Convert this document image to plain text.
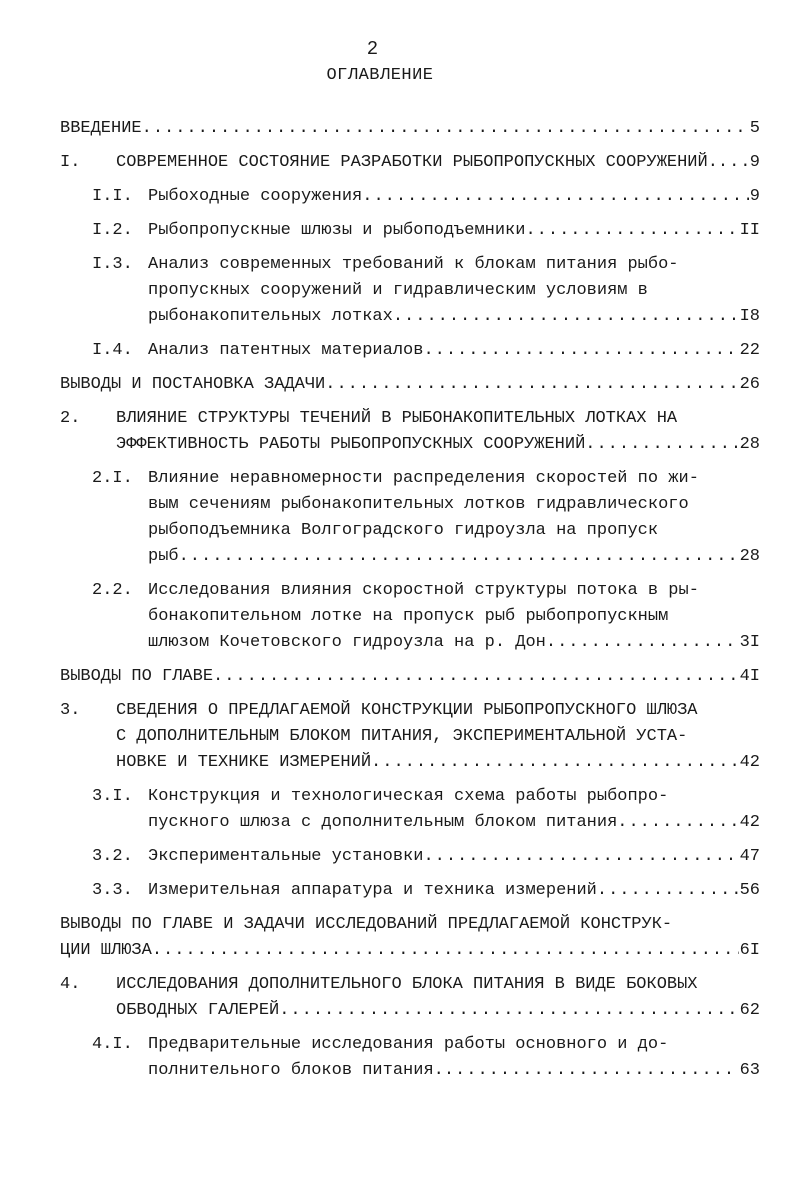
2
ОГЛАВЛЕНИЕ
ВВЕДЕНИЕ .....	5
I.	СОВРЕМЕННОЕ СОСТОЯНИЕ РАЗРАБОТКИ РЫБОПРОПУСКНЫХ СООРУЖЕНИЙ. ..... 9
I.I. Рыбоходные сооружения .....	9
I.2. Рыбопропускные шлюзы и рыбоподъемники .....	II
I.3. Анализ современных требований к блокам питания рыбо-
пропускных сооружений и гидравлическим условиям в
рыбонакопительных лотках .....	I8
I.4. Анализ патентных материалов .....	22
ВЫВОДЫ И ПОСТАНОВКА ЗАДАЧИ .....	26
2.	ВЛИЯНИЕ СТРУКТУРЫ ТЕЧЕНИЙ В РЫБОНАКОПИТЕЛЬНЫХ ЛОТКАХ НА
ЭФФЕКТИВНОСТЬ РАБОТЫ РЫБОПРОПУСКНЫХ СООРУЖЕНИЙ .....	28
2.I. Влияние неравномерности распределения скоростей по жи-
вым сечениям рыбонакопительных лотков гидравлического
рыбоподъемника Волгоградского гидроузла на пропуск
рыб .....	28
2.2. Исследования влияния скоростной структуры потока в ры-
бонакопительном лотке на пропуск рыб рыбопропускным
шлюзом Кочетовского гидроузла на р. Дон .....	3I
ВЫВОДЫ ПО ГЛАВЕ .....	4I
3.	СВЕДЕНИЯ О ПРЕДЛАГАЕМОЙ КОНСТРУКЦИИ РЫБОПРОПУСКНОГО ШЛЮЗА
С ДОПОЛНИТЕЛЬНЫМ БЛОКОМ ПИТАНИЯ, ЭКСПЕРИМЕНТАЛЬНОЙ УСТА-
НОВКЕ И ТЕХНИКЕ ИЗМЕРЕНИЙ .....	42
3.I. Конструкция и технологическая схема работы рыбопро-
пускного шлюза с дополнительным блоком питания .....	42
3.2. Экспериментальные установки .....	47
3.3. Измерительная аппаратура и техника измерений .....	56
ВЫВОДЫ ПО ГЛАВЕ И ЗАДАЧИ ИССЛЕДОВАНИЙ ПРЕДЛАГАЕМОЙ КОНСТРУК-
ЦИИ ШЛЮЗА .....	6I
4.	ИССЛЕДОВАНИЯ ДОПОЛНИТЕЛЬНОГО БЛОКА ПИТАНИЯ В ВИДЕ БОКОВЫХ
ОБВОДНЫХ ГАЛЕРЕЙ .....	62
4.I. Предварительные исследования работы основного и до-
полнительного блоков питания. .....	63
